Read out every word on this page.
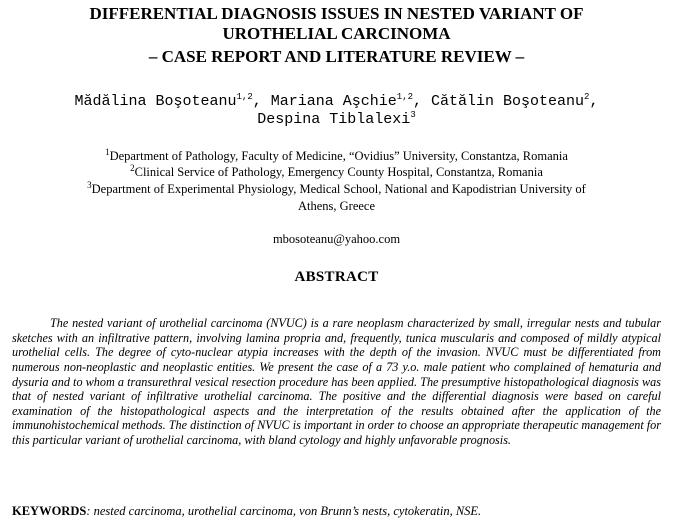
DIFFERENTIAL DIAGNOSIS ISSUES IN NESTED VARIANT OF
UROTHELIAL CARCINOMA
– CASE REPORT AND LITERATURE REVIEW –
Mădălina Boşoteanu$^{1,2}$, Mariana Aşchie$^{1,2}$, Cătălin Boşoteanu$^2$,
Despina Tiblalexi$^3$
$^1$Department of Pathology, Faculty of Medicine, “Ovidius” University, Constantza, Romania
$^2$Clinical Service of Pathology, Emergency County Hospital, Constantza, Romania
$^3$Department of Experimental Physiology, Medical School, National and Kapodistrian University of
Athens, Greece
mbosoteanu@yahoo.com
ABSTRACT

The nested variant of urothelial carcinoma (NVUC) is a rare neoplasm characterized by small, irregular nests and tubular sketches with an infiltrative pattern, involving lamina propria and, frequently, tunica muscularis and composed of mildly atypical urothelial cells. The degree of cyto-nuclear atypia increases with the depth of the invasion. NVUC must be differentiated from numerous non-neoplastic and neoplastic entities. We present the case of a 73 y.o. male patient who complained of hematuria and dysuria and to whom a transurethral vesical resection procedure has been applied. The presumptive histopathological diagnosis was that of nested variant of infiltrative urothelial carcinoma. The positive and the differential diagnosis were based on careful examination of the histopathological aspects and the interpretation of the results obtained after the application of the immunohistochemical methods. The distinction of NVUC is important in order to choose an appropriate therapeutic management for this particular variant of urothelial carcinoma, with bland cytology and highly unfavorable prognosis.

KEYWORDS: nested carcinoma, urothelial carcinoma, von Brunn’s nests, cytokeratin, NSE.
